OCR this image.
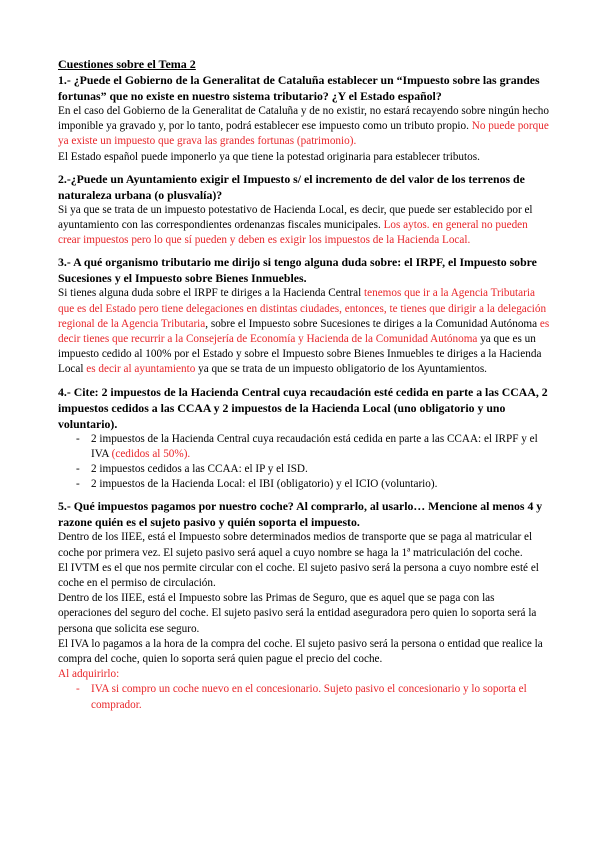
Cuestiones sobre el Tema 2

1.- ¿Puede el Gobierno de la Generalitat de Cataluña establecer un “Impuesto sobre las grandes fortunas” que no existe en nuestro sistema tributario? ¿Y el Estado español?

En el caso del Gobierno de la Generalitat de Cataluña y de no existir, no estará recayendo sobre ningún hecho imponible ya gravado y, por lo tanto, podrá establecer ese impuesto como un tributo propio. No puede porque ya existe un impuesto que grava las grandes fortunas (patrimonio).

El Estado español puede imponerlo ya que tiene la potestad originaria para establecer tributos.

2.-¿Puede un Ayuntamiento exigir el Impuesto s/ el incremento de del valor de los terrenos de naturaleza urbana (o plusvalía)?

Si ya que se trata de un impuesto potestativo de Hacienda Local, es decir, que puede ser establecido por el ayuntamiento con las correspondientes ordenanzas fiscales municipales. Los aytos. en general no pueden crear impuestos pero lo que sí pueden y deben es exigir los impuestos de la Hacienda Local.

3.- A qué organismo tributario me dirijo si tengo alguna duda sobre: el IRPF, el Impuesto sobre Sucesiones y el Impuesto sobre Bienes Inmuebles.

Si tienes alguna duda sobre el IRPF te diriges a la Hacienda Central tenemos que ir a la Agencia Tributaria que es del Estado pero tiene delegaciones en distintas ciudades, entonces, te tienes que dirigir a la delegación regional de la Agencia Tributaria, sobre el Impuesto sobre Sucesiones te diriges a la Comunidad Autónoma es decir tienes que recurrir a la Consejería de Economía y Hacienda de la Comunidad Autónoma ya que es un impuesto cedido al 100% por el Estado y sobre el Impuesto sobre Bienes Inmuebles te diriges a la Hacienda Local es decir al ayuntamiento ya que se trata de un impuesto obligatorio de los Ayuntamientos.

4.- Cite: 2 impuestos de la Hacienda Central cuya recaudación esté cedida en parte a las CCAA, 2 impuestos cedidos a las CCAA y 2 impuestos de la Hacienda Local (uno obligatorio y uno voluntario).

- 2 impuestos de la Hacienda Central cuya recaudación está cedida en parte a las CCAA: el IRPF y el IVA (cedidos al 50%).
- 2 impuestos cedidos a las CCAA: el IP y el ISD.
- 2 impuestos de la Hacienda Local: el IBI (obligatorio) y el ICIO (voluntario).

5.- Qué impuestos pagamos por nuestro coche? Al comprarlo, al usarlo… Mencione al menos 4 y razone quién es el sujeto pasivo y quién soporta el impuesto.

Dentro de los IIEE, está el Impuesto sobre determinados medios de transporte que se paga al matricular el coche por primera vez. El sujeto pasivo será aquel a cuyo nombre se haga la 1ª matriculación del coche.

El IVTM es el que nos permite circular con el coche. El sujeto pasivo será la persona a cuyo nombre esté el coche en el permiso de circulación.

Dentro de los IIEE, está el Impuesto sobre las Primas de Seguro, que es aquel que se paga con las operaciones del seguro del coche. El sujeto pasivo será la entidad aseguradora pero quien lo soporta será la persona que solicita ese seguro.

El IVA lo pagamos a la hora de la compra del coche. El sujeto pasivo será la persona o entidad que realice la compra del coche, quien lo soporta será quien pague el precio del coche.

Al adquirirlo:

- IVA si compro un coche nuevo en el concesionario. Sujeto pasivo el concesionario y lo soporta el comprador.
